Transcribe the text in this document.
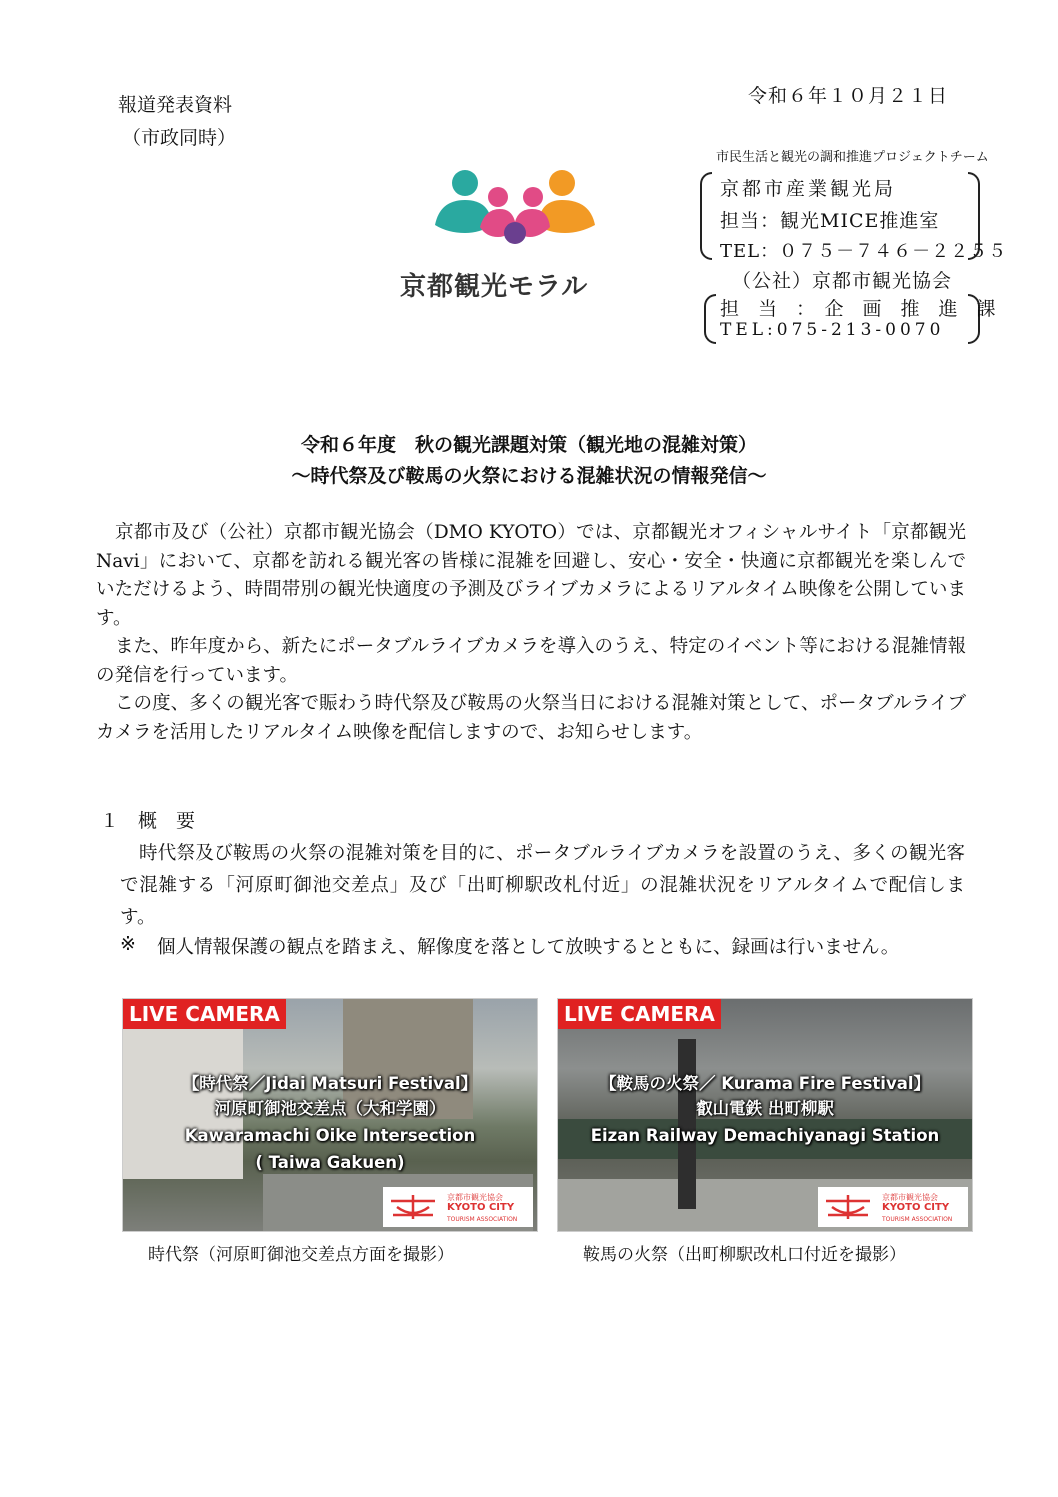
報道発表資料
（市政同時）
令和６年１０月２１日
市民生活と観光の調和推進プロジェクトチーム
京都市産業観光局
担当：観光MICE推進室
TEL：０７５－７４６－２２５５
（公社）京都市観光協会
担　当　：　企　画　推　進　課
TEL:075-213-0070
京都観光モラル
令和６年度　秋の観光課題対策（観光地の混雑対策）
～時代祭及び鞍馬の火祭における混雑状況の情報発信～
京都市及び（公社）京都市観光協会（DMO KYOTO）では、京都観光オフィシャルサイト「京都観光Navi」において、京都を訪れる観光客の皆様に混雑を回避し、安心・安全・快適に京都観光を楽しんでいただけるよう、時間帯別の観光快適度の予測及びライブカメラによるリアルタイム映像を公開しています。
また、昨年度から、新たにポータブルライブカメラを導入のうえ、特定のイベント等における混雑情報の発信を行っています。
この度、多くの観光客で賑わう時代祭及び鞍馬の火祭当日における混雑対策として、ポータブルライブカメラを活用したリアルタイム映像を配信しますので、お知らせします。
１　概　要
時代祭及び鞍馬の火祭の混雑対策を目的に、ポータブルライブカメラを設置のうえ、多くの観光客で混雑する「河原町御池交差点」及び「出町柳駅改札付近」の混雑状況をリアルタイムで配信します。
※ 個人情報保護の観点を踏まえ、解像度を落として放映するとともに、録画は行いません。
LIVE CAMERA
【時代祭／Jidai Matsuri Festival】
河原町御池交差点（大和学園）
Kawaramachi Oike Intersection
( Taiwa Gakuen)
京都市観光協会
KYOTO CITY
TOURISM ASSOCIATION
時代祭（河原町御池交差点方面を撮影）
LIVE CAMERA
【鞍馬の火祭／ Kurama Fire Festival】
叡山電鉄 出町柳駅
Eizan Railway Demachiyanagi Station
京都市観光協会
KYOTO CITY
TOURISM ASSOCIATION
鞍馬の火祭（出町柳駅改札口付近を撮影）
